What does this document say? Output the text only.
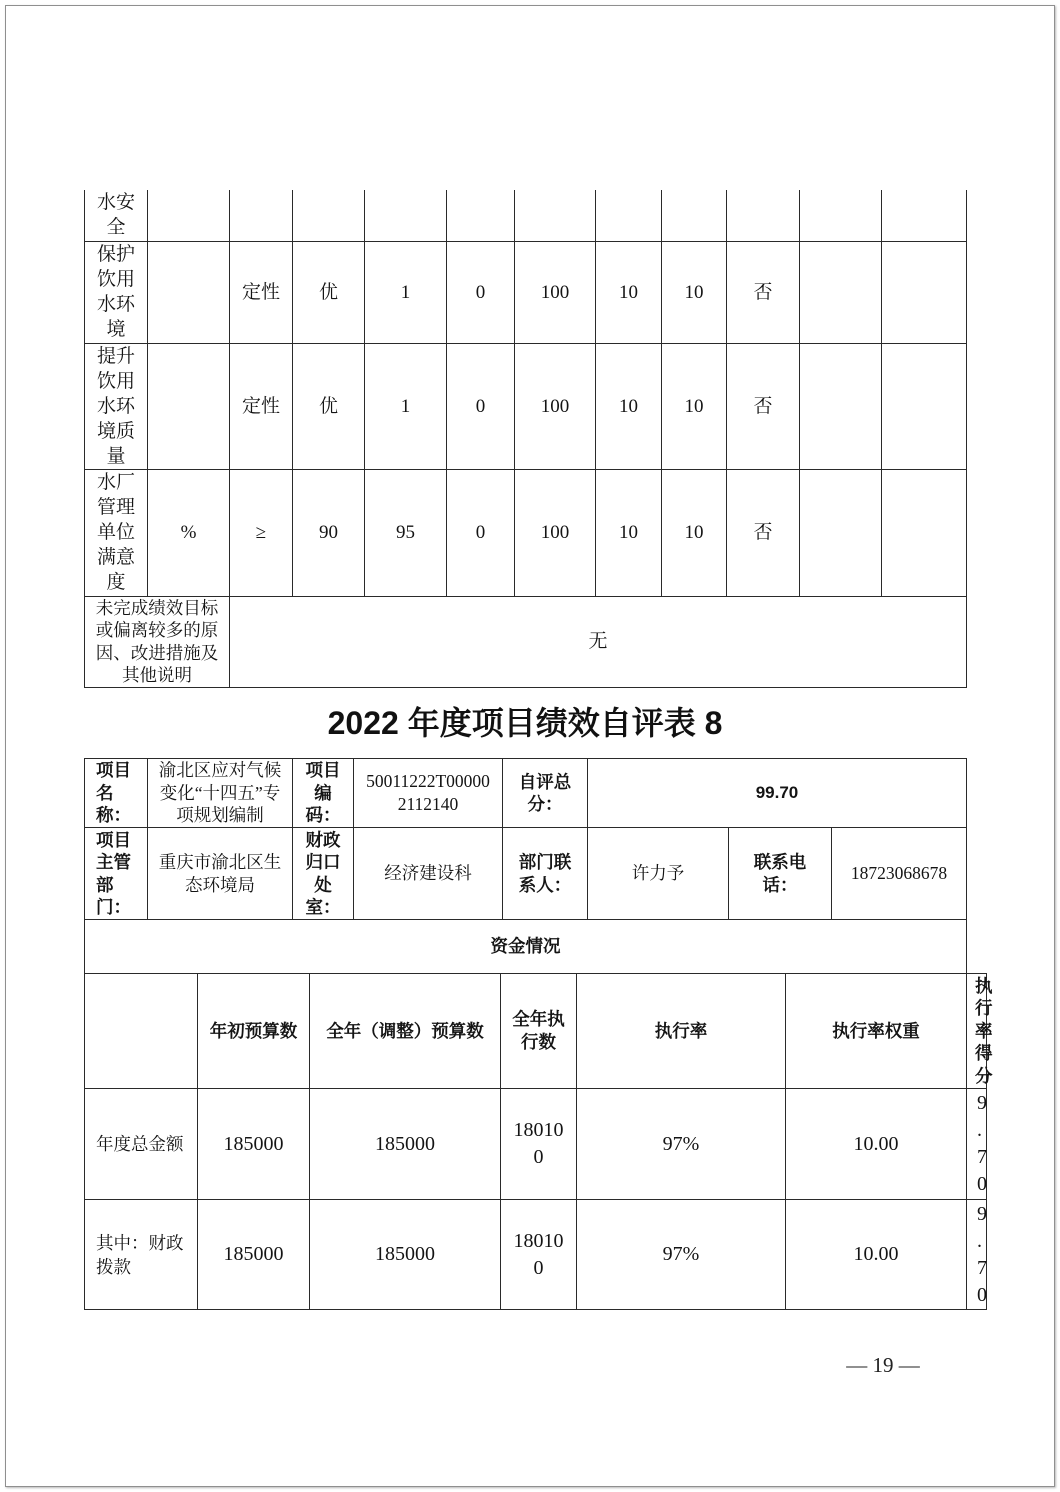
水安全											

保护饮用水环境		定性	优	1	0	100	10	10	否		

提升饮用水环境质量		定性	优	1	0	100	10	10	否		

水厂管理单位满意度	%	≥	90	95	0	100	10	10	否		

未完成绩效目标或偏离较多的原因、改进措施及其他说明		无									
2022 年度项目绩效自评表 8
项目名称：	渝北区应对气候变化“十四五”专项规划编制	项目编码：	50011222T000002112140	自评总分：	99.70		

项目主管部门：	重庆市渝北区生态环境局	财政归口处室：	经济建设科	部门联系人：	许力予	联系电话：	18723068678
资金情况
	年初预算数	全年（调整）预算数	全年执行数	执行率	执行率权重	执行率得分

年度总金额	185000	185000	180100	97%	10.00	9.70

其中：财政拨款	185000	185000	180100	97%	10.00	9.70
— 19 —
